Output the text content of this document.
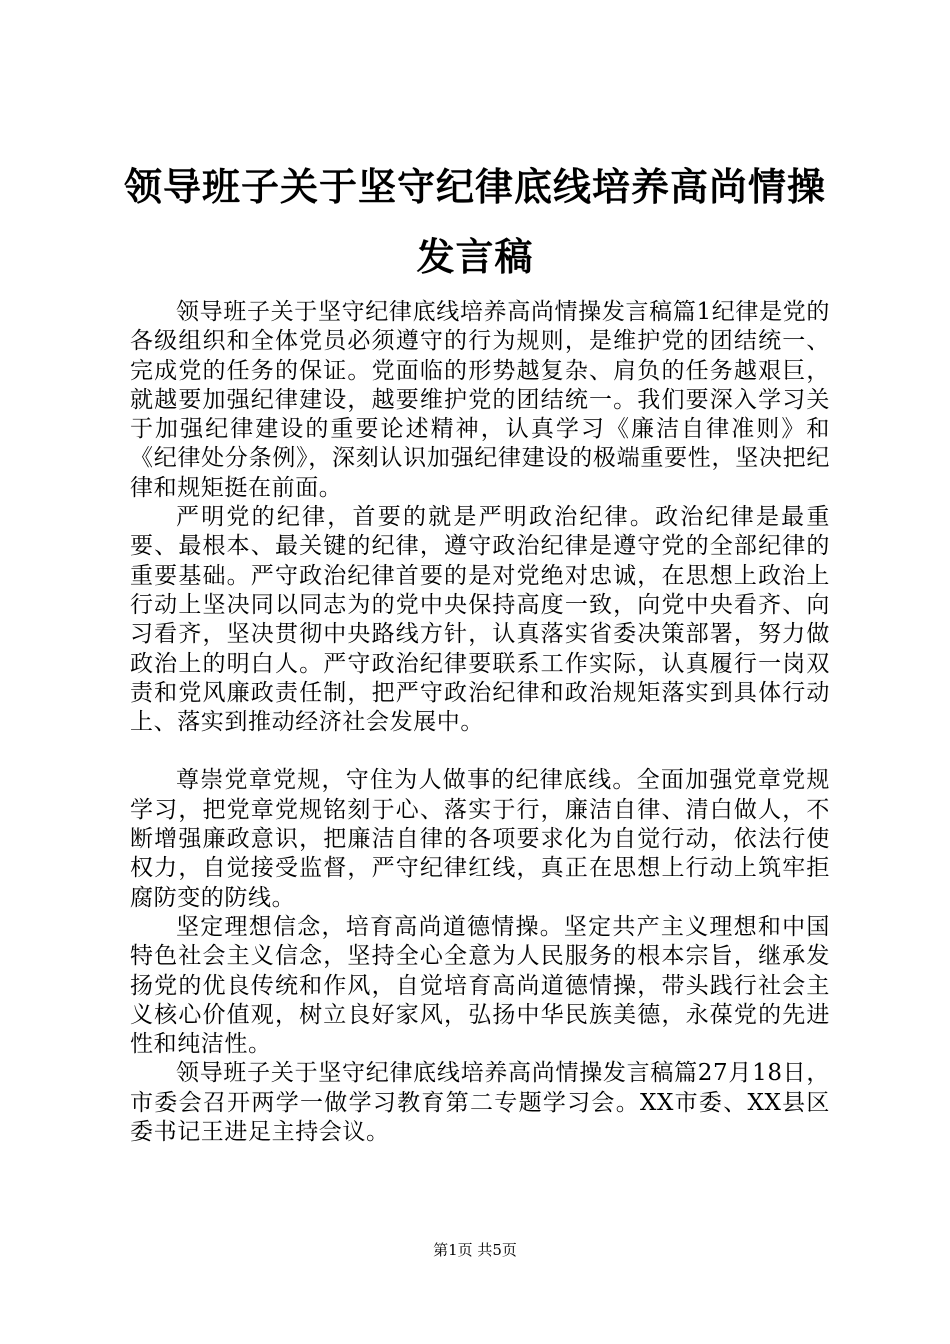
领导班子关于坚守纪律底线培养高尚情操发言稿

领导班子关于坚守纪律底线培养高尚情操发言稿篇1纪律是党的各级组织和全体党员必须遵守的行为规则，是维护党的团结统一、完成党的任务的保证。党面临的形势越复杂、肩负的任务越艰巨，就越要加强纪律建设，越要维护党的团结统一。我们要深入学习关于加强纪律建设的重要论述精神，认真学习《廉洁自律准则》和《纪律处分条例》，深刻认识加强纪律建设的极端重要性，坚决把纪律和规矩挺在前面。

严明党的纪律，首要的就是严明政治纪律。政治纪律是最重要、最根本、最关键的纪律，遵守政治纪律是遵守党的全部纪律的重要基础。严守政治纪律首要的是对党绝对忠诚，在思想上政治上行动上坚决同以同志为的党中央保持高度一致，向党中央看齐、向习看齐，坚决贯彻中央路线方针，认真落实省委决策部署，努力做政治上的明白人。严守政治纪律要联系工作实际，认真履行一岗双责和党风廉政责任制，把严守政治纪律和政治规矩落实到具体行动上、落实到推动经济社会发展中。

尊崇党章党规，守住为人做事的纪律底线。全面加强党章党规学习，把党章党规铭刻于心、落实于行，廉洁自律、清白做人，不断增强廉政意识，把廉洁自律的各项要求化为自觉行动，依法行使权力，自觉接受监督，严守纪律红线，真正在思想上行动上筑牢拒腐防变的防线。

坚定理想信念，培育高尚道德情操。坚定共产主义理想和中国特色社会主义信念，坚持全心全意为人民服务的根本宗旨，继承发扬党的优良传统和作风，自觉培育高尚道德情操，带头践行社会主义核心价值观，树立良好家风，弘扬中华民族美德，永葆党的先进性和纯洁性。

领导班子关于坚守纪律底线培养高尚情操发言稿篇27月18日，市委会召开两学一做学习教育第二专题学习会。XX市委、XX县区委书记王进足主持会议。

第1页 共5页
